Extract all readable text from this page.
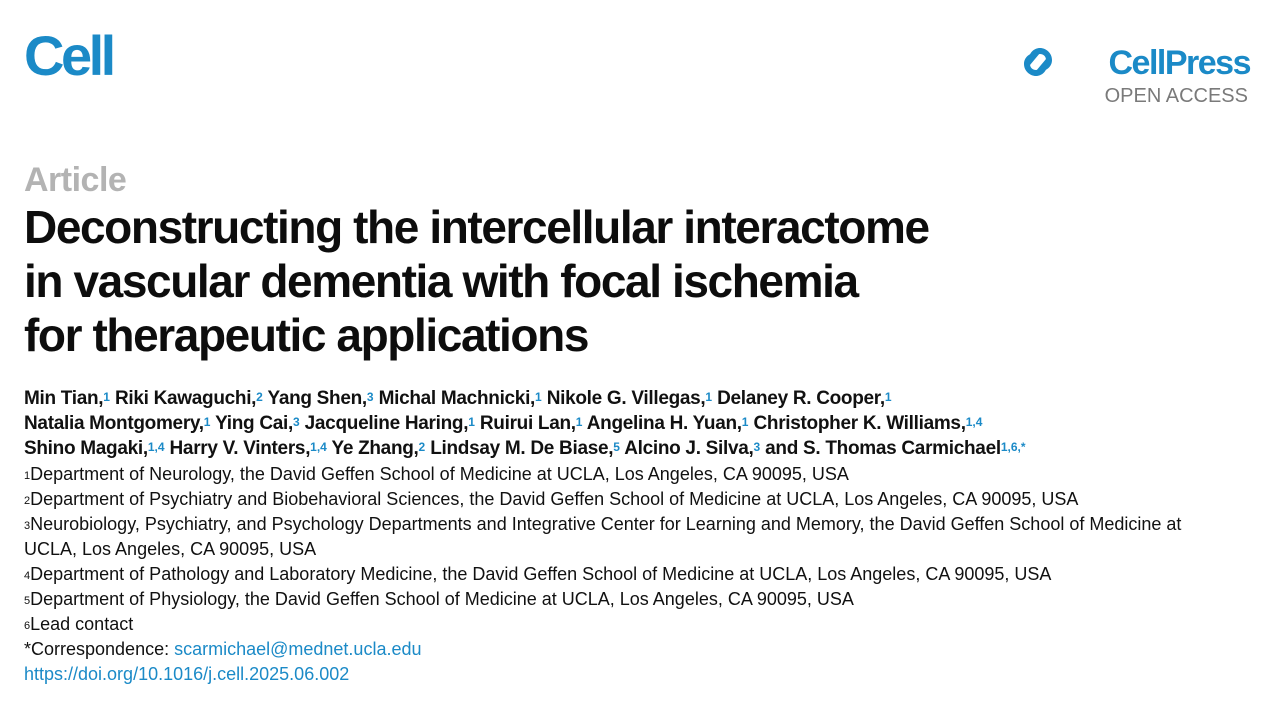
Cell	CellPress
OPEN ACCESS
Article
Deconstructing the intercellular interactome
in vascular dementia with focal ischemia
for therapeutic applications
Min Tian,$^1$ Riki Kawaguchi,$^2$ Yang Shen,$^3$ Michal Machnicki,$^1$ Nikole G. Villegas,$^1$ Delaney R. Cooper,$^1$
Natalia Montgomery,$^1$ Ying Cai,$^3$ Jacqueline Haring,$^1$ Ruirui Lan,$^1$ Angelina H. Yuan,$^1$ Christopher K. Williams,$^{1,4}$
Shino Magaki,$^{1,4}$ Harry V. Vinters,$^{1,4}$ Ye Zhang,$^2$ Lindsay M. De Biase,$^5$ Alcino J. Silva,$^3$ and S. Thomas Carmichael$^{1,6,*}$
$^1$Department of Neurology, the David Geffen School of Medicine at UCLA, Los Angeles, CA 90095, USA
$^2$Department of Psychiatry and Biobehavioral Sciences, the David Geffen School of Medicine at UCLA, Los Angeles, CA 90095, USA
$^3$Neurobiology, Psychiatry, and Psychology Departments and Integrative Center for Learning and Memory, the David Geffen School of Medicine at UCLA, Los Angeles, CA 90095, USA
$^4$Department of Pathology and Laboratory Medicine, the David Geffen School of Medicine at UCLA, Los Angeles, CA 90095, USA
$^5$Department of Physiology, the David Geffen School of Medicine at UCLA, Los Angeles, CA 90095, USA
$^6$Lead contact
*Correspondence: scarmichael@mednet.ucla.edu
https://doi.org/10.1016/j.cell.2025.06.002
